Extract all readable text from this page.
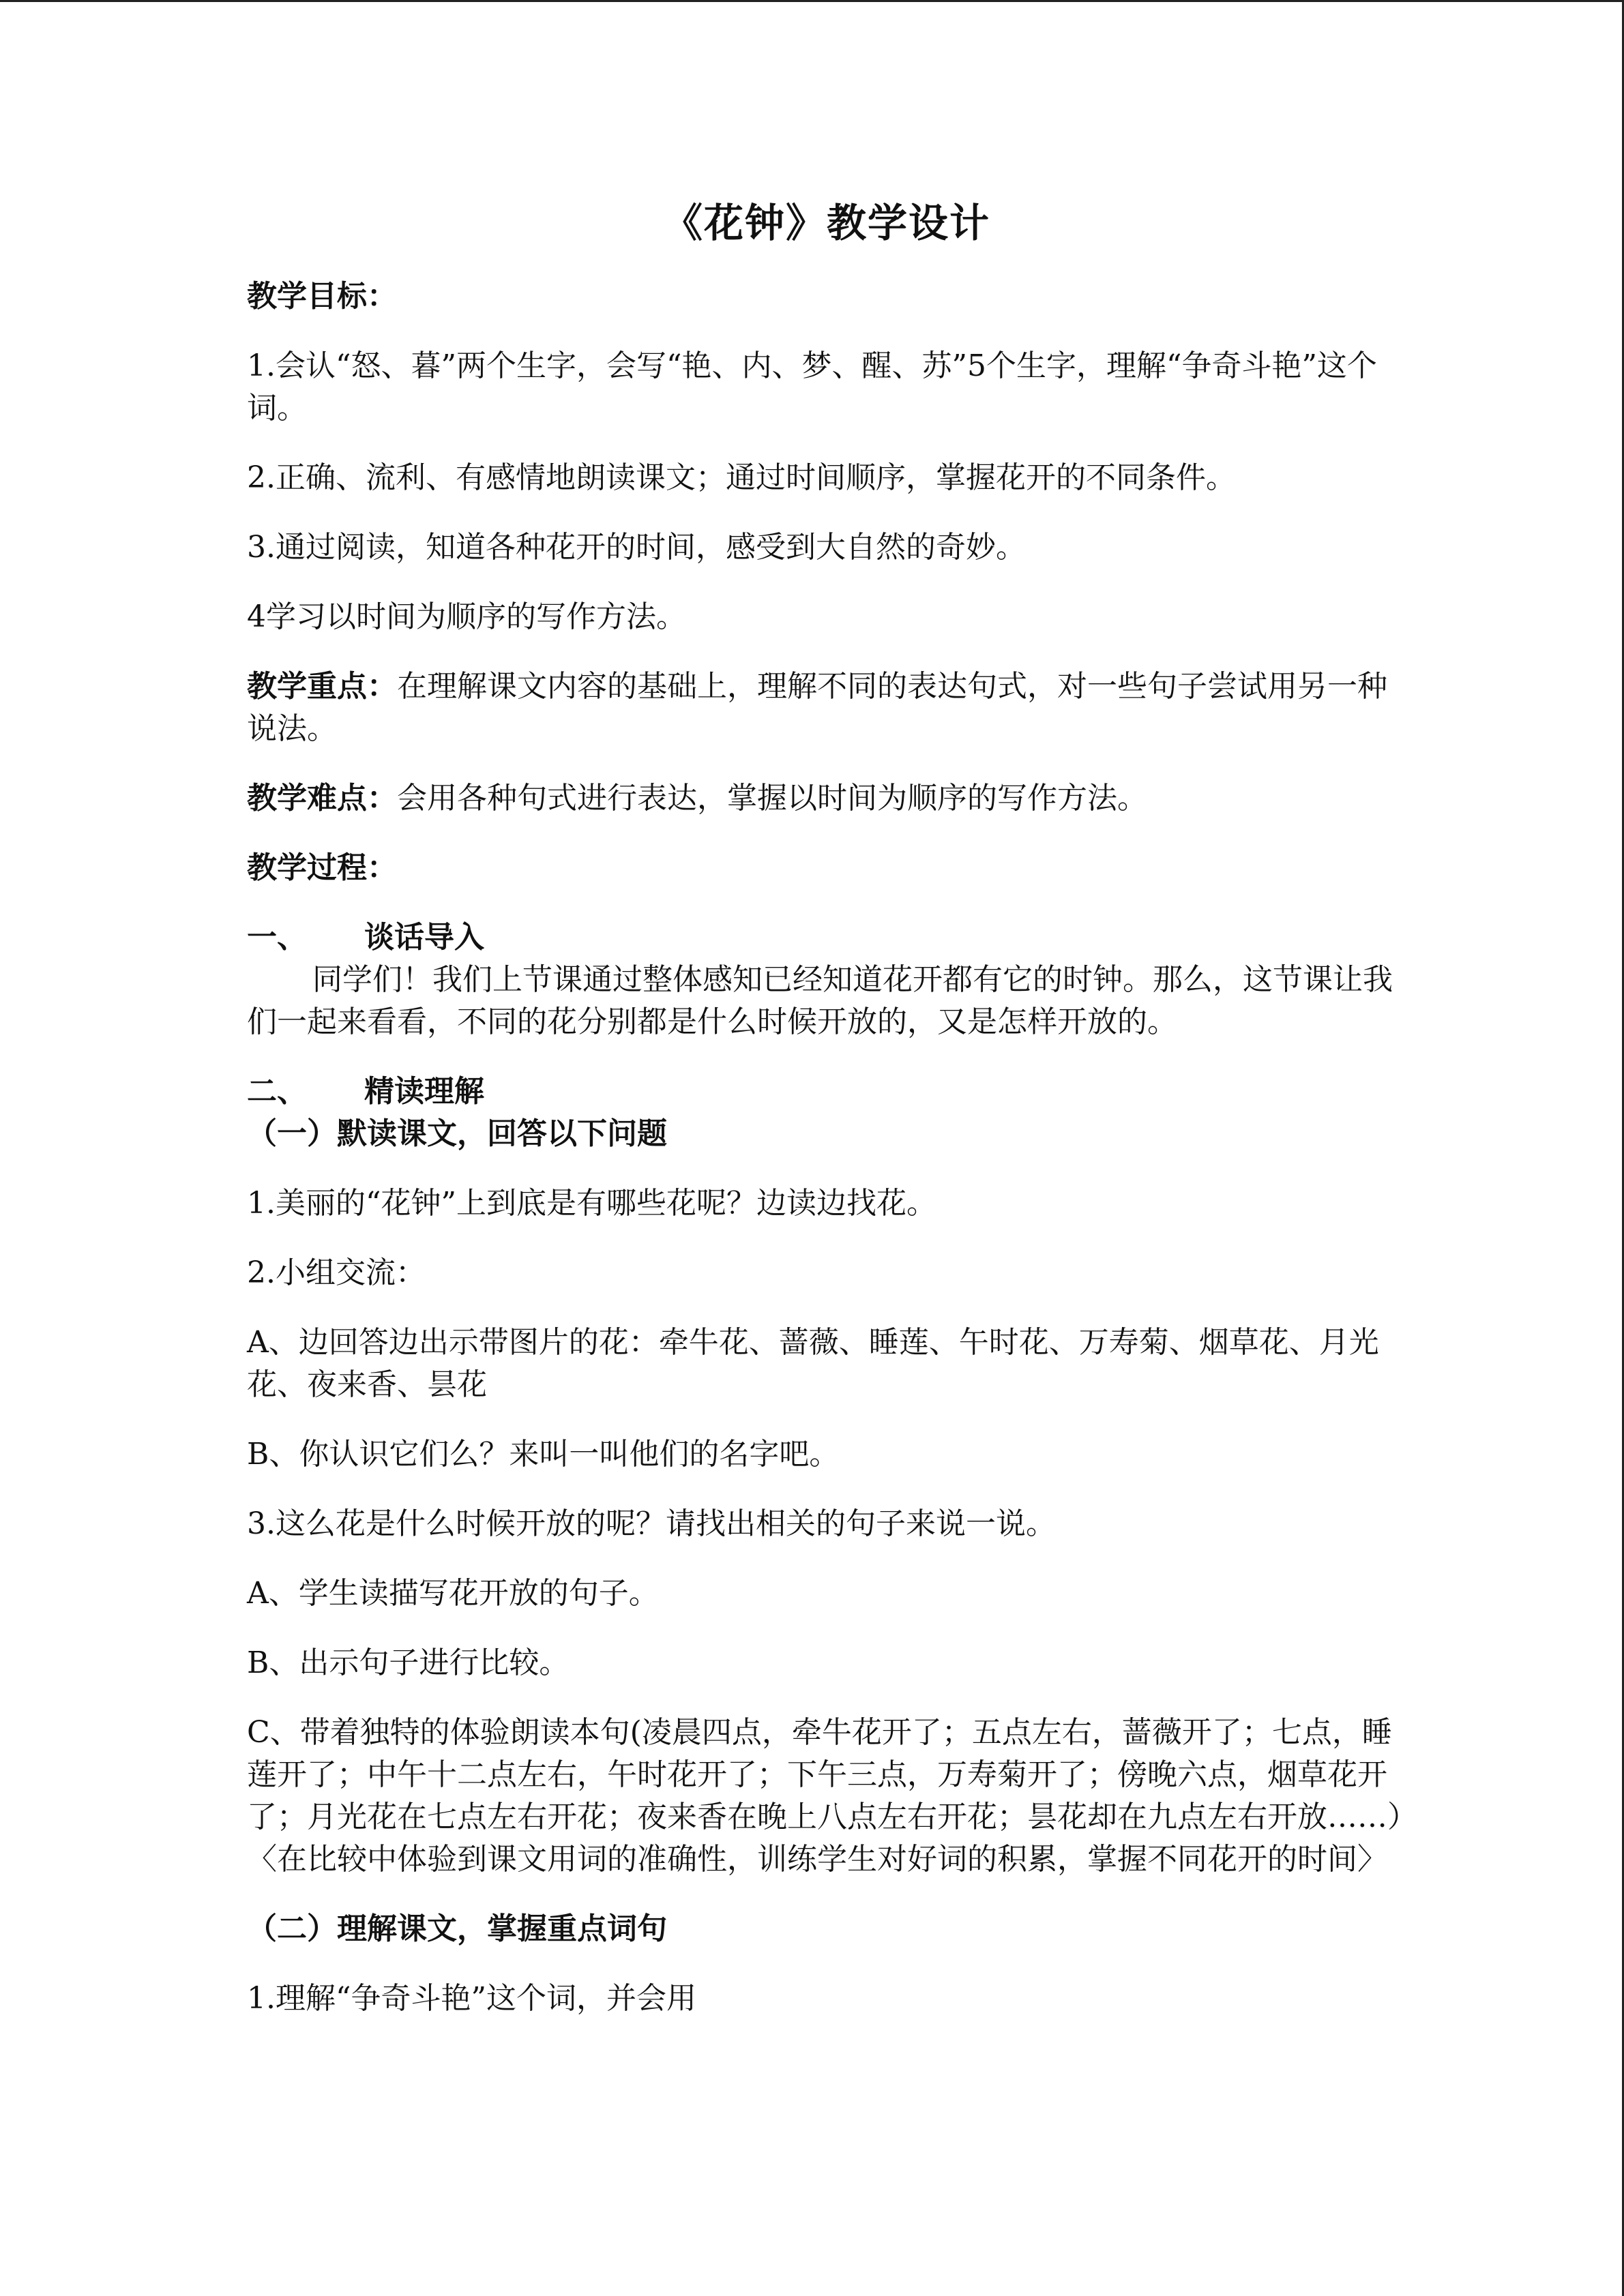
《花钟》教学设计

教学目标：

1.会认“怒、暮”两个生字，会写“艳、内、梦、醒、苏”5个生字，理解“争奇斗艳”这个词。

2.正确、流利、有感情地朗读课文；通过时间顺序，掌握花开的不同条件。

3.通过阅读，知道各种花开的时间，感受到大自然的奇妙。

4学习以时间为顺序的写作方法。

教学重点：在理解课文内容的基础上，理解不同的表达句式，对一些句子尝试用另一种说法。

教学难点：会用各种句式进行表达，掌握以时间为顺序的写作方法。

教学过程：

一、	谈话导入

同学们！我们上节课通过整体感知已经知道花开都有它的时钟。那么，这节课让我们一起来看看，不同的花分别都是什么时候开放的，又是怎样开放的。

二、	精读理解

（一）默读课文，回答以下问题

1.美丽的“花钟”上到底是有哪些花呢？边读边找花。

2.小组交流：

A、边回答边出示带图片的花：牵牛花、蔷薇、睡莲、午时花、万寿菊、烟草花、月光花、夜来香、昙花

B、你认识它们么？来叫一叫他们的名字吧。

3.这么花是什么时候开放的呢？请找出相关的句子来说一说。

A、学生读描写花开放的句子。

B、出示句子进行比较。

C、带着独特的体验朗读本句(凌晨四点，牵牛花开了；五点左右，蔷薇开了；七点，睡莲开了；中午十二点左右，午时花开了；下午三点，万寿菊开了；傍晚六点，烟草花开了；月光花在七点左右开花；夜来香在晚上八点左右开花；昙花却在九点左右开放……）〈在比较中体验到课文用词的准确性，训练学生对好词的积累，掌握不同花开的时间〉

（二）理解课文，掌握重点词句

1.理解“争奇斗艳”这个词，并会用
